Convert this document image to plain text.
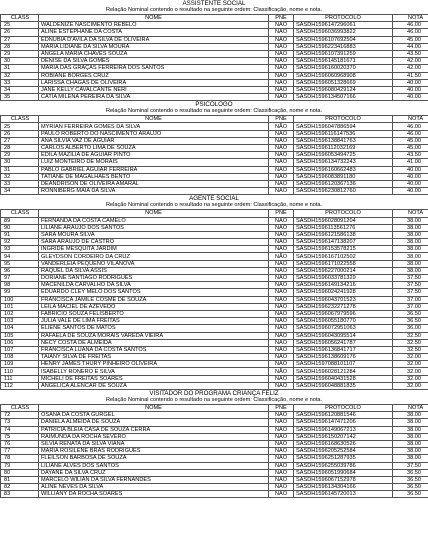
ASSISTENTE SOCIAL
Relação Nominal contendo o resultado na seguinte ordem: Classificação, nome e nota.
CLASS	NOME	PNE	PROTOCOLO	NOTA
25	WALDENIZE NASCIMENTO REBELO	NÃO	SASDH1596147296061	46.00
26	ALINE ESTEPHANE DA COSTA	NÃO	SASDH1596036993822	46.00
27	EDNUBIA D'AVILA DA SILVA DE OLIVEIRA	NÃO	SASDH1596107692504	45.00
28	MARIA LIDIANE DA SILVA MOURA	NÃO	SASDH1596223416883	44.00
29	ÂNGELA MARIA CHAVES SOUZA	NÃO	SASDH1596107391259	43.50
30	DENISE DA SILVA GOMES	NÃO	SASDH1596145181671	42.00
31	MARIA DAS GRAÇAS FERREIRA DOS SANTOS	NÃO	SASDH1596160020370	42.00
32	ROBIANE BORGES CRUZ	NÃO	SASDH1596060968908	41.50
33	LARISSA CHAGAS DE OLIVEIRA	NÃO	SASDH1596051328669	40.00
34	JANE KELLY CAVALCANTE NERI	NÃO	SASDH1596080429124	40.00
35	CATIA MILENA PEREIRA DA SILVA	NÃO	SASDH1596134507166	40.00
PSICOLOGO
Relação Nominal contendo o resultado na seguinte ordem: Classificação, nome e nota.
CLASS	NOME	PNE	PROTOCOLO	NOTA
25	MYRIAN FERREIRA GOMES DA SILVA	NÃO	SASDH1596047886594	46.00
26	PAULO ROBERTO DO NASCIMENTO ARAUJO	NÃO	SASDH1596116147536	46.00
27	ANA SILVIA VAZ DE AGUIAR	NÃO	SASDH1596138841763	45.00
28	CARLOS ALBERTO LIMA DE SOUZA	NÃO	SASDH1596112032169	45.00
29	EDILA MAZILIA DE AGUIAR PINTO	NÃO	SASDH1596053494725	43.50
30	LUIZ MONTEIRO DE MORAIS	NÃO	SASDH1596134732243	41.00
31	PABLO GABRIEL AGUIAR FERREIRA	NÃO	SASDH1596160662483	40.00
32	TATIANE DE MAGALHAES BENTO	NÃO	SASDH1596083891180	40.00
33	DEANDRISON DE OLIVEIRA AMARAL	NÃO	SASDH1596120367136	40.00
34	RONNIBERG MAIA DA SILVA	NÃO	SASDH1596230812760	40.00
AGENTE SOCIAL
Relação Nominal contendo o resultado na seguinte ordem: Classificação, nome e nota.
CLASS	NOME	PNE	PROTOCOLO	NOTA
89	FERNANDA DA COSTA CAMELO	NÃO	SASDH1596028091204	38.00
90	LILIANE ARAUJO DOS SANTOS	NÃO	SASDH1596113561276	38.00
91	SARA MOURA SILVA	NÃO	SASDH1596121586138	38.00
92	SARA ARAUJO DE CASTRO	NÃO	SASDH1596147138207	38.00
93	INGRIDE MESQUITA JARDIM	NÃO	SASDH1596153578215	38.00
94	GLEYDSON CORDEIRO DA CRUZ	NÃO	SASDH1596167102502	38.00
95	VANDERLEIA PEQUENO VILANOVA	NÃO	SASDH1596171022558	38.00
96	RAQUEL DA SILVA ASSIS	NÃO	SASDH1596227000214	38.00
97	DORIANE SANTIAGO RODRIGUES	NÃO	SASDH1596033781329	37.50
98	MACENILDA CARVALHO DA SILVA	NÃO	SASDH1596149134216	37.50
99	EDUARDO CLEY MELO DOS SANTOS	NÃO	SASDH1596024241928	37.50
100	FRANCISCA JAMILE COSME DE SOUZA	NÃO	SASDH1596043701523	37.00
101	LEILA MACIEL DE AZEVEDO	NÃO	SASDH1596232271278	37.00
102	FABRICIO SOUZA FELISBERTO	NÃO	SASDH1596067979596	36.50
103	JULIA VALE DE LIMA FREITAS	NÃO	SASDH1596055180770	36.50
104	ELIENE SANTOS DE MATOS	NÃO	SASDH1596072951063	36.00
105	RAFAELA DE SOUZA MORAIS VAREDA VIEIRA	NÃO	SASDH1596043095514	32.50
106	NECY COSTA DE ALMEIDA	NÃO	SASDH1596056241787	32.50
107	FRANCISCA LUANA DA COSTA SANTOS	NÃO	SASDH1596136841717	32.50
108	TAIANY SILVA DE FREITAS	NÃO	SASDH1596138609176	32.00
109	HENRY JAMES THURY PINHEIRO OLIVEIRA	NÃO	SASDH1597088101107	32.00
110	ISABELLY RONERO E SILVA	NÃO	SASDH1596028121284	32.00
111	MICHELI DE FREITAS SOARES	NÃO	SASDH1596040431528	32.00
112	ANGELICA ALENCAR DE SOUZA	NÃO	SASDH1596048881835	32.00
VISITADOR DO PROGRAMA CRIANÇA FELIZ
Relação Nominal contendo o resultado na seguinte ordem: Classificação, nome e nota.
CLASS	NOME	PNE	PROTOCOLO	NOTA
72	OSANA DA COSTA GURGEL	NÃO	SASDH1596120881546	38.00
73	DANIELA ALMEIDA DE SOUZA	NÃO	SASDH1596147471206	38.00
74	PATRICIA BLEIA CASA DE SOUZA CERRA	NÃO	SASDH1596149067213	38.00
75	RAIMUNDA DA ROCHA SEVERO	NÃO	SASDH1596150207142	38.00
76	SILVIA RENATA DA SILVA VIANA	NÃO	SASDH1596168630526	38.00
77	MARIA ROSILENE BRAS RODRIGUES	NÃO	SASDH1596205252584	38.00
78	FLEILSON BARBOSA DE SOUZA	NÃO	SASDH1596251287935	38.00
79	LILIANE ALVES DOS SANTOS	NÃO	SASDH1596255039786	37.50
80	DAYANE DA SILVA CRUZ	NÃO	SASDH1596051990684	36.50
81	MARCELO WILIAN DA SILVA FERNANDES	NÃO	SASDH1596067152978	36.50
82	ALINE NEVES DA SILVA	NÃO	SASDH1596134304166	36.50
83	WILLIANY DA ROCHA SOARES	NÃO	SASDH1596145720013	36.50
